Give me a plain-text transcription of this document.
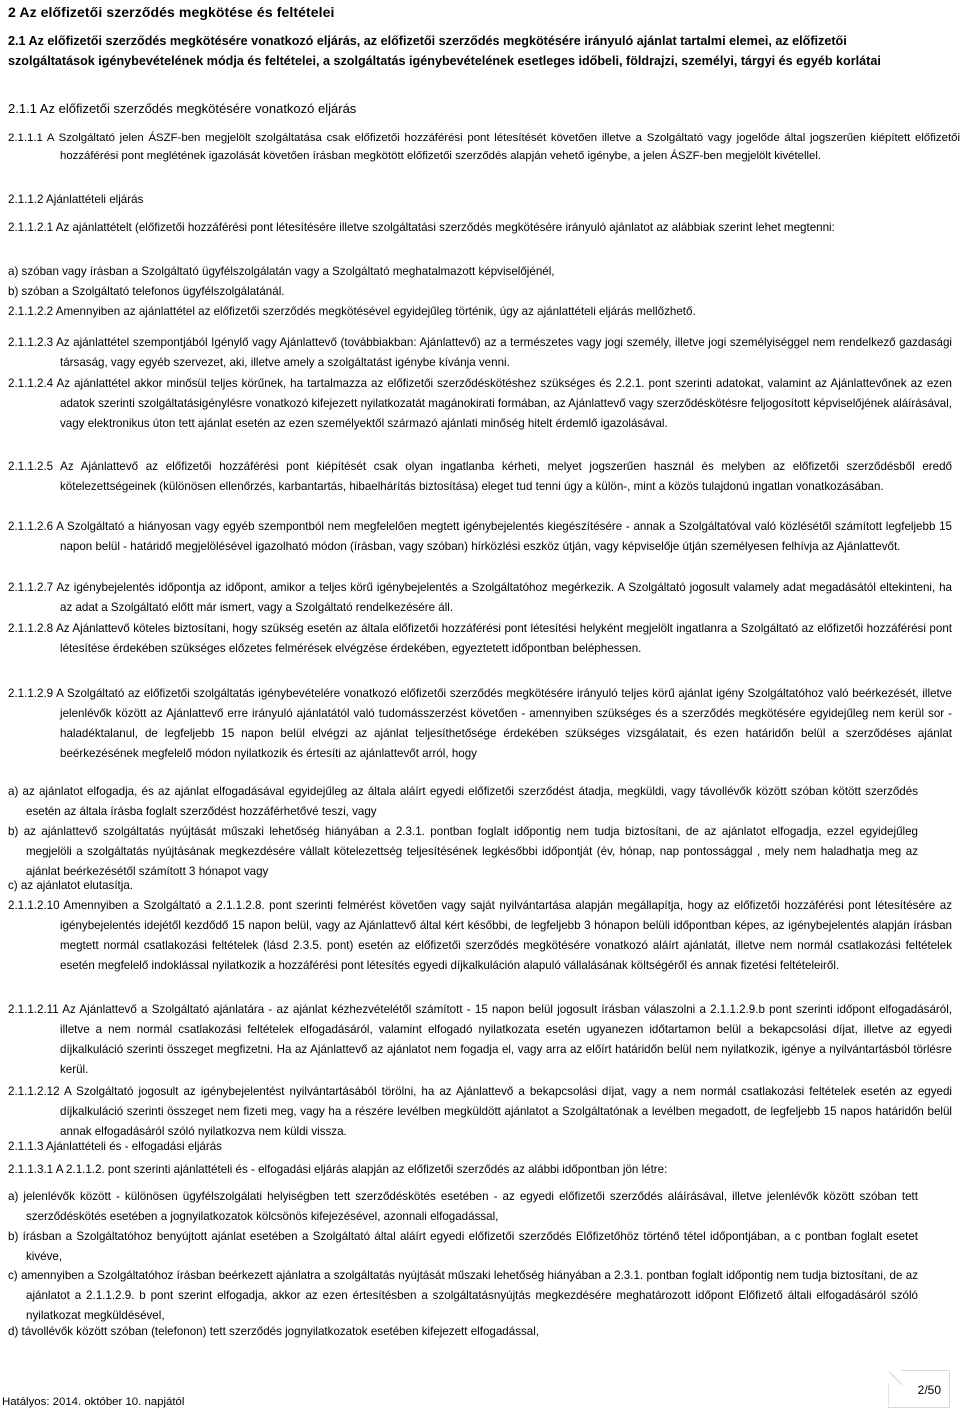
2 Az előfizetői szerződés megkötése és feltételei
2.1 Az előfizetői szerződés megkötésére vonatkozó eljárás, az előfizetői szerződés megkötésére irányuló ajánlat tartalmi elemei, az előfizetői szolgáltatások igénybevételének módja és feltételei, a szolgáltatás igénybevételének esetleges időbeli, földrajzi, személyi, tárgyi és egyéb korlátai
2.1.1 Az előfizetői szerződés megkötésére vonatkozó eljárás
2.1.1.1 A Szolgáltató jelen ÁSZF-ben megjelölt szolgáltatása csak előfizetői hozzáférési pont létesítését követően illetve a Szolgáltató vagy jogelőde által jogszerűen kiépített előfizetői hozzáférési pont meglétének igazolását követően írásban megkötött előfizetői szerződés alapján vehető igénybe, a jelen ÁSZF-ben megjelölt kivétellel.
2.1.1.2 Ajánlattételi eljárás
2.1.1.2.1 Az ajánlattételt (előfizetői hozzáférési pont létesítésére illetve szolgáltatási szerződés megkötésére irányuló ajánlatot az alábbiak szerint lehet megtenni:
a) szóban vagy írásban a Szolgáltató ügyfélszolgálatán vagy a Szolgáltató meghatalmazott képviselőjénél,
b) szóban a Szolgáltató telefonos ügyfélszolgálatánál.
2.1.1.2.2 Amennyiben az ajánlattétel az előfizetői szerződés megkötésével egyidejűleg történik, úgy az ajánlattételi eljárás mellőzhető.
2.1.1.2.3 Az ajánlattétel szempontjából Igénylő vagy Ajánlattevő (továbbiakban: Ajánlattevő) az a természetes vagy jogi személy, illetve jogi személyiséggel nem rendelkező gazdasági társaság, vagy egyéb szervezet, aki, illetve amely a szolgáltatást igénybe kívánja venni.
2.1.1.2.4 Az ajánlattétel akkor minősül teljes körűnek, ha tartalmazza az előfizetői szerződéskötéshez szükséges és 2.2.1. pont szerinti adatokat, valamint az Ajánlattevőnek az ezen adatok szerinti szolgáltatásigénylésre vonatkozó kifejezett nyilatkozatát magánokirati formában, az Ajánlattevő vagy szerződéskötésre feljogosított képviselőjének aláírásával, vagy elektronikus úton tett ajánlat esetén az ezen személyektől származó ajánlati minőség hitelt érdemlő igazolásával.
2.1.1.2.5 Az Ajánlattevő az előfizetői hozzáférési pont kiépítését csak olyan ingatlanba kérheti, melyet jogszerűen használ és melyben az előfizetői szerződésből eredő kötelezettségeinek (különösen ellenőrzés, karbantartás, hibaelhárítás biztosítása) eleget tud tenni úgy a külön-, mint a közös tulajdonú ingatlan vonatkozásában.
2.1.1.2.6 A Szolgáltató a hiányosan vagy egyéb szempontból nem megfelelően megtett igénybejelentés kiegészítésére - annak a Szolgáltatóval való közlésétől számított legfeljebb 15 napon belül - határidő megjelölésével igazolható módon (írásban, vagy szóban) hírközlési eszköz útján, vagy képviselője útján személyesen felhívja az Ajánlattevőt.
2.1.1.2.7 Az igénybejelentés időpontja az időpont, amikor a teljes körű igénybejelentés a Szolgáltatóhoz megérkezik. A Szolgáltató jogosult valamely adat megadásától eltekinteni, ha az adat a Szolgáltató előtt már ismert, vagy a Szolgáltató rendelkezésére áll.
2.1.1.2.8 Az Ajánlattevő köteles biztosítani, hogy szükség esetén az általa előfizetői hozzáférési pont létesítési helyként megjelölt ingatlanra a Szolgáltató az előfizetői hozzáférési pont létesítése érdekében szükséges előzetes felmérések elvégzése érdekében, egyeztetett időpontban beléphessen.
2.1.1.2.9 A Szolgáltató az előfizetői szolgáltatás igénybevételére vonatkozó előfizetői szerződés megkötésére irányuló teljes körű ajánlat igény Szolgáltatóhoz való beérkezését, illetve jelenlévők között az Ajánlattevő erre irányuló ajánlatától való tudomásszerzést követően - amennyiben szükséges és a szerződés megkötésére egyidejűleg nem kerül sor - haladéktalanul, de legfeljebb 15 napon belül elvégzi az ajánlat teljesíthetősége érdekében szükséges vizsgálatait, és ezen határidőn belül a szerződéses ajánlat beérkezésének megfelelő módon nyilatkozik és értesíti az ajánlattevőt arról, hogy
a) az ajánlatot elfogadja, és az ajánlat elfogadásával egyidejűleg az általa aláírt egyedi előfizetői szerződést átadja, megküldi, vagy távollévők között szóban kötött szerződés esetén az általa írásba foglalt szerződést hozzáférhetővé teszi, vagy
b) az ajánlattevő szolgáltatás nyújtását műszaki lehetőség hiányában a 2.3.1. pontban foglalt időpontig nem tudja biztosítani, de az ajánlatot elfogadja, ezzel egyidejűleg megjelöli a szolgáltatás nyújtásának megkezdésére vállalt kötelezettség teljesítésének legkésőbbi időpontját (év, hónap, nap pontossággal , mely nem haladhatja meg az ajánlat beérkezésétől számított 3 hónapot vagy
c) az ajánlatot elutasítja.
2.1.1.2.10 Amennyiben a Szolgáltató a 2.1.1.2.8. pont szerinti felmérést követően vagy saját nyilvántartása alapján megállapítja, hogy az előfizetői hozzáférési pont létesítésére az igénybejelentés idejétől kezdődő 15 napon belül, vagy az Ajánlattevő által kért későbbi, de legfeljebb 3 hónapon belüli időpontban képes, az igénybejelentés alapján írásban megtett normál csatlakozási feltételek (lásd 2.3.5. pont) esetén az előfizetői szerződés megkötésére vonatkozó aláírt ajánlatát, illetve nem normál csatlakozási feltételek esetén megfelelő indoklással nyilatkozik a hozzáférési pont létesítés egyedi díjkalkuláción alapuló vállalásának költségéről és annak fizetési feltételeiről.
2.1.1.2.11 Az Ajánlattevő a Szolgáltató ajánlatára - az ajánlat kézhezvételétől számított - 15 napon belül jogosult írásban válaszolni a 2.1.1.2.9.b pont szerinti időpont elfogadásáról, illetve a nem normál csatlakozási feltételek elfogadásáról, valamint elfogadó nyilatkozata esetén ugyanezen időtartamon belül a bekapcsolási díjat, illetve az egyedi díjkalkuláció szerinti összeget megfizetni. Ha az Ajánlattevő az ajánlatot nem fogadja el, vagy arra az előírt határidőn belül nem nyilatkozik, igénye a nyilvántartásból törlésre kerül.
2.1.1.2.12 A Szolgáltató jogosult az igénybejelentést nyilvántartásából törölni, ha az Ajánlattevő a bekapcsolási díjat, vagy a nem normál csatlakozási feltételek esetén az egyedi díjkalkuláció szerinti összeget nem fizeti meg, vagy ha a részére levélben megküldött ajánlatot a Szolgáltatónak a levélben megadott, de legfeljebb 15 napos határidőn belül annak elfogadásáról szóló nyilatkozva nem küldi vissza.
2.1.1.3 Ajánlattételi és - elfogadási eljárás
2.1.1.3.1 A 2.1.1.2. pont szerinti ajánlattételi és - elfogadási eljárás alapján az előfizetői szerződés az alábbi időpontban jön létre:
a) jelenlévők között - különösen ügyfélszolgálati helyiségben tett szerződéskötés esetében - az egyedi előfizetői szerződés aláírásával, illetve jelenlévők között szóban tett szerződéskötés esetében a jognyilatkozatok kölcsönös kifejezésével, azonnali elfogadással,
b) írásban a Szolgáltatóhoz benyújtott ajánlat esetében a Szolgáltató által aláírt egyedi előfizetői szerződés Előfizetőhöz történő tétel időpontjában, a c pontban foglalt esetet kivéve,
c) amennyiben a Szolgáltatóhoz írásban beérkezett ajánlatra a szolgáltatás nyújtását műszaki lehetőség hiányában a 2.3.1. pontban foglalt időpontig nem tudja biztosítani, de az ajánlatot a 2.1.1.2.9. b pont szerint elfogadja, akkor az ezen értesítésben a szolgáltatásnyújtás megkezdésére meghatározott időpont Előfizető általi elfogadásáról szóló nyilatkozat megküldésével,
d) távollévők között szóban (telefonon) tett szerződés jognyilatkozatok esetében kifejezett elfogadással,
Hatályos: 2014. október 10. napjától
2/50
